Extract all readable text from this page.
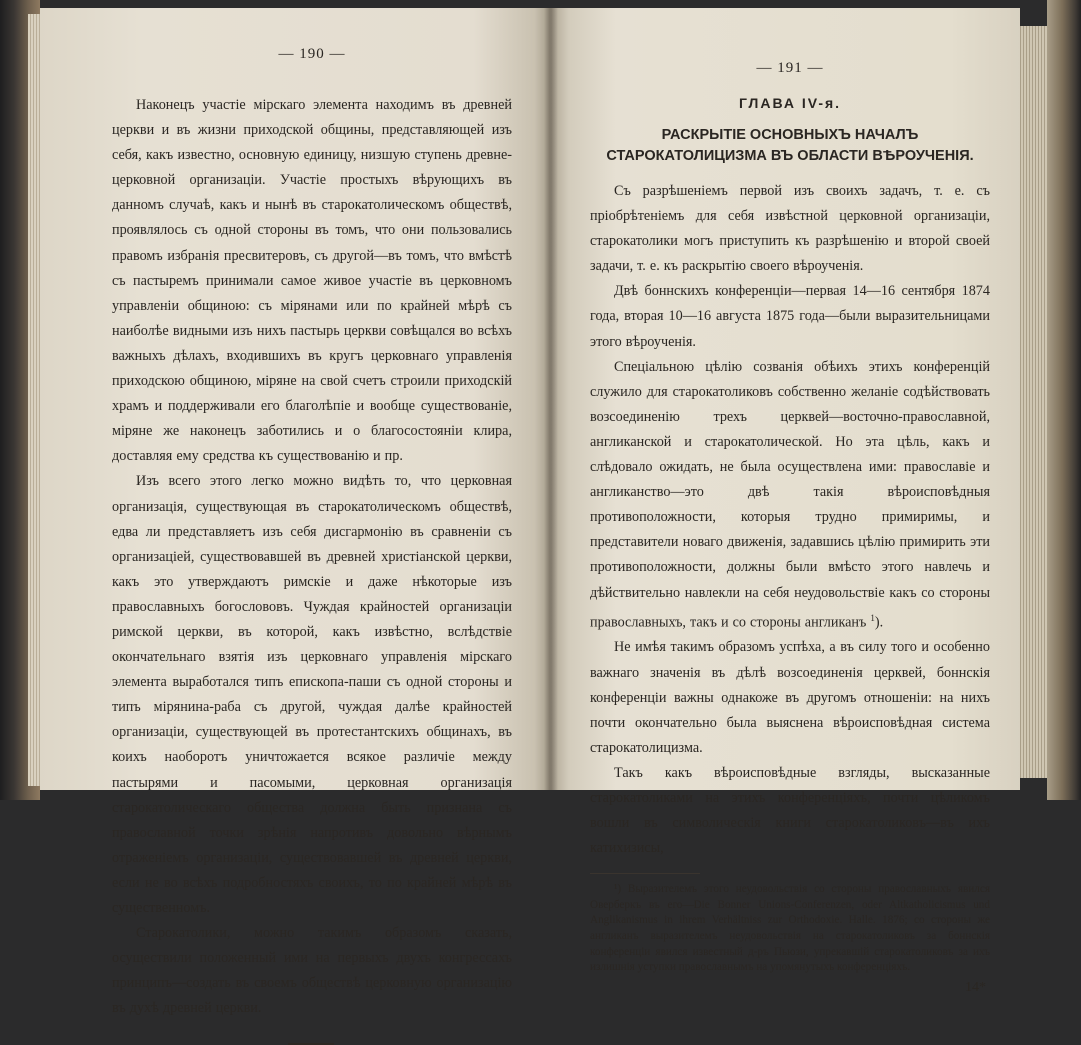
— 190 —

Наконецъ участіе мірскаго элемента находимъ въ древней церкви и въ жизни приходской общины, представляющей изъ себя, какъ известно, основную единицу, низшую ступень древне-церковной организаціи. Участіе простыхъ вѣрующихъ въ данномъ случаѣ, какъ и нынѣ въ старокатолическомъ обществѣ, проявлялось съ одной стороны въ томъ, что они пользовались правомъ избранія пресвитеровъ, съ другой—въ томъ, что вмѣстѣ съ пастыремъ принимали самое живое участіе въ церковномъ управленіи общиною: съ мірянами или по крайней мѣрѣ съ наиболѣе видными изъ нихъ пастырь церкви совѣщался во всѣхъ важныхъ дѣлахъ, входившихъ въ кругъ церковнаго управленія приходскою общиною, міряне на свой счетъ строили приходскій храмъ и поддерживали его благолѣпіе и вообще существованіе, міряне же наконецъ заботились и о благосостояніи клира, доставляя ему средства къ существованію и пр.

Изъ всего этого легко можно видѣть то, что церковная организація, существующая въ старокатолическомъ обществѣ, едва ли представляетъ изъ себя дисгармонію въ сравненіи съ организаціей, существовавшей въ древней христіанской церкви, какъ это утверждаютъ римскіе и даже нѣкоторые изъ православныхъ богослововъ. Чуждая крайностей организаціи римской церкви, въ которой, какъ извѣстно, вслѣдствіе окончательнаго взятія изъ церковнаго управленія мірскаго элемента выработался типъ епископа-паши съ одной стороны и типъ мірянина-раба съ другой, чуждая далѣе крайностей организаціи, существующей въ протестантскихъ общинахъ, въ коихъ наоборотъ уничтожается всякое различіе между пастырями и пасомыми, церковная организація старокатолическаго общества должна быть признана съ православной точки зрѣнія напротивъ довольно вѣрнымъ отраженіемъ организаціи, существовавшей въ древней церкви, если не во всѣхъ подробностяхъ своихъ, то по крайней мѣрѣ въ существенномъ.

Старокатолики, можно такимъ образомъ сказать, осуществили положенный ими на первыхъ двухъ конгрессахъ принципъ—создать въ своемъ обществѣ церковную организацію въ духѣ древней церкви.

— 191 —
ГЛАВА IV-я.
РАСКРЫТІЕ ОСНОВНЫХЪ НАЧАЛЪ СТАРОКАТОЛИЦИЗМА ВЪ ОБЛАСТИ ВѢРОУЧЕНІЯ.

Съ разрѣшеніемъ первой изъ своихъ задачъ, т. е. съ пріобрѣтеніемъ для себя извѣстной церковной организаціи, старокатолики могъ приступить къ разрѣшенію и второй своей задачи, т. е. къ раскрытію своего вѣроученія.

Двѣ боннскихъ конференціи—первая 14—16 сентября 1874 года, вторая 10—16 августа 1875 года—были выразительницами этого вѣроученія.

Спеціальною цѣлію созванія обѣихъ этихъ конференцій служило для старокатоликовъ собственно желаніе содѣйствовать возсоединенію трехъ церквей—восточно-православной, англиканской и старокатолической. Но эта цѣль, какъ и слѣдовало ожидать, не была осуществлена ими: православіе и англиканство—это двѣ такія вѣроисповѣдныя противоположности, которыя трудно примиримы, и представители новаго движенія, задавшись цѣлію примирить эти противоположности, должны были вмѣсто этого навлечь и дѣйствительно навлекли на себя неудовольствіе какъ со стороны православныхъ, такъ и со стороны англиканъ $^1$).

Не имѣя такимъ образомъ успѣха, а въ силу того и особенно важнаго значенія въ дѣлѣ возсоединенія церквей, боннскія конференціи важны однакоже въ другомъ отношеніи: на нихъ почти окончательно была выяснена вѣроисповѣдная система старокатолицизма.

Такъ какъ вѣроисповѣдные взгляды, высказанные старокатоликами на этихъ конференціяхъ, почти цѣликомъ вошли въ символическія книги старокатоликовъ—въ ихъ катихизисы,

¹) Выразителемъ этого неудовольствія со стороны православныхъ явился Оверберкъ въ его—Die Bonner Unions-Conferenzen, oder Altkatholicismus und Anglikanismus in ihrem Verhältniss zur Orthodoxie. Halle. 1876; со стороны же англиканъ выразителемъ неудовольствія на старокатоликовъ за боннскія конференціи явился известный д-ръ Пьюзи, упрекавшій старокатоликовъ за ихъ излишнія уступки православнымъ на упомянутыхъ конференціяхъ.

14*
